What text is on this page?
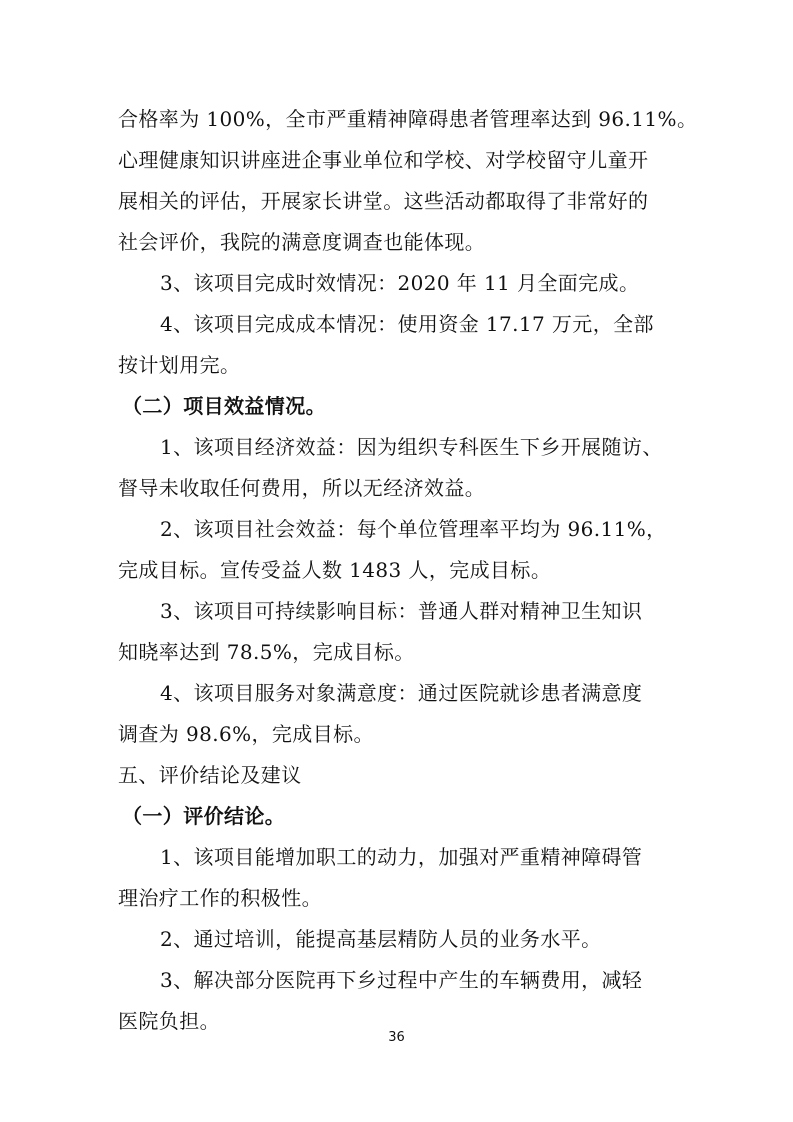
合格率为 100%，全市严重精神障碍患者管理率达到 96.11%。
心理健康知识讲座进企事业单位和学校、对学校留守儿童开
展相关的评估，开展家长讲堂。这些活动都取得了非常好的
社会评价，我院的满意度调查也能体现。
3、该项目完成时效情况：2020 年 11 月全面完成。
4、该项目完成成本情况：使用资金 17.17 万元，全部
按计划用完。
（二）项目效益情况。
1、该项目经济效益：因为组织专科医生下乡开展随访、
督导未收取任何费用，所以无经济效益。
2、该项目社会效益：每个单位管理率平均为 96.11%，
完成目标。宣传受益人数 1483 人，完成目标。
3、该项目可持续影响目标：普通人群对精神卫生知识
知晓率达到 78.5%，完成目标。
4、该项目服务对象满意度：通过医院就诊患者满意度
调查为 98.6%，完成目标。
五、评价结论及建议
（一）评价结论。
1、该项目能增加职工的动力，加强对严重精神障碍管
理治疗工作的积极性。
2、通过培训，能提高基层精防人员的业务水平。
3、解决部分医院再下乡过程中产生的车辆费用，减轻
医院负担。
36
